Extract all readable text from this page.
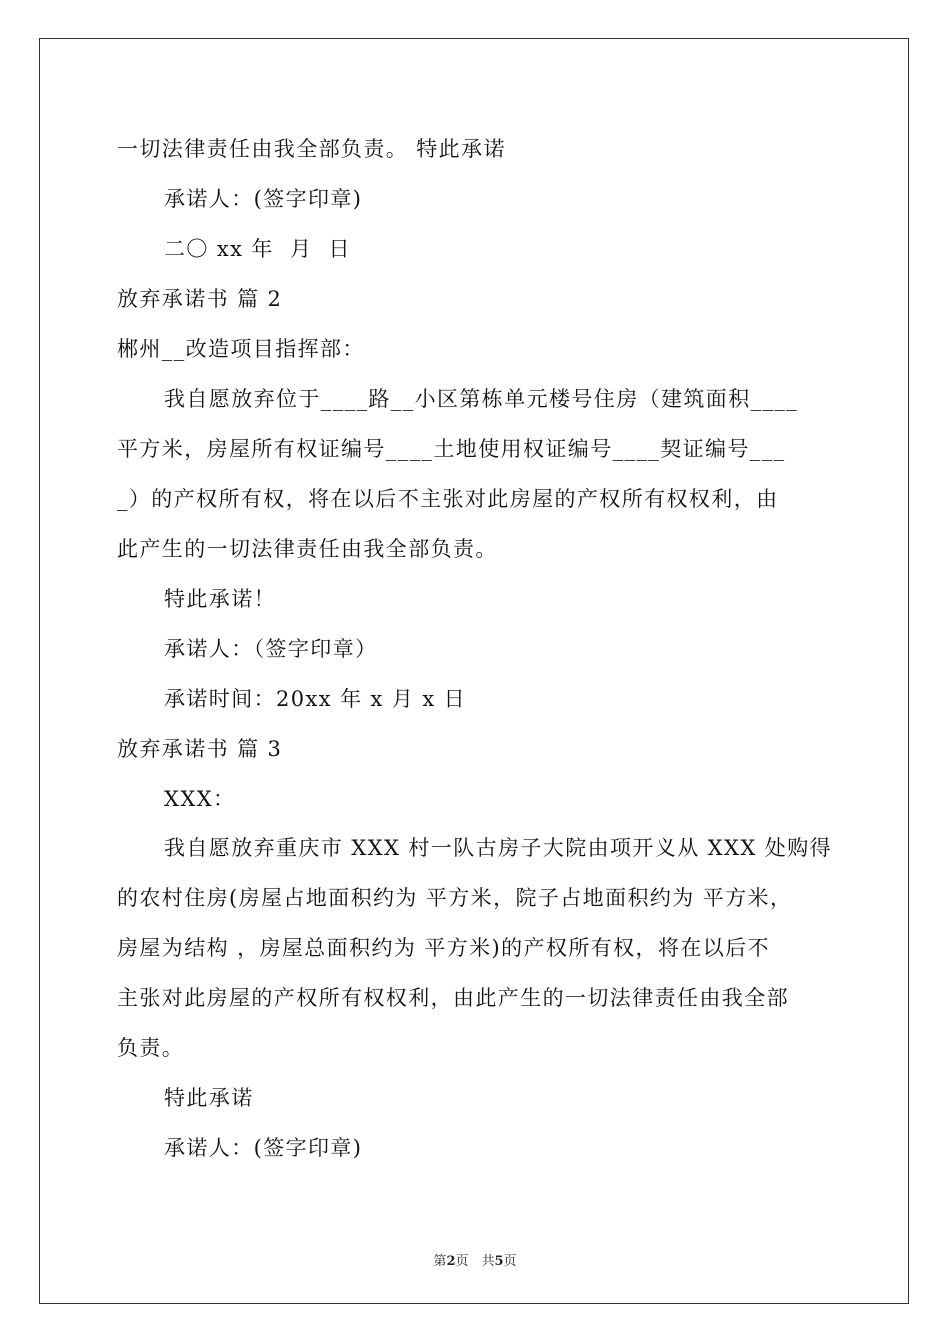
一切法律责任由我全部负责。 特此承诺
承诺人：(签字印章)
二〇 xx 年  月  日
放弃承诺书 篇 2
郴州__改造项目指挥部：
我自愿放弃位于____路__小区第栋单元楼号住房（建筑面积____
平方米，房屋所有权证编号____土地使用权证编号____契证编号___
_）的产权所有权，将在以后不主张对此房屋的产权所有权权利，由
此产生的一切法律责任由我全部负责。
特此承诺！
承诺人：（签字印章）
承诺时间：20xx 年 x 月 x 日
放弃承诺书 篇 3
XXX：
我自愿放弃重庆市 XXX 村一队古房子大院由项开义从 XXX 处购得
的农村住房(房屋占地面积约为 平方米，院子占地面积约为 平方米，
房屋为结构 ，房屋总面积约为 平方米)的产权所有权，将在以后不
主张对此房屋的产权所有权权利，由此产生的一切法律责任由我全部
负责。
特此承诺
承诺人：(签字印章)
第2页　共5页
